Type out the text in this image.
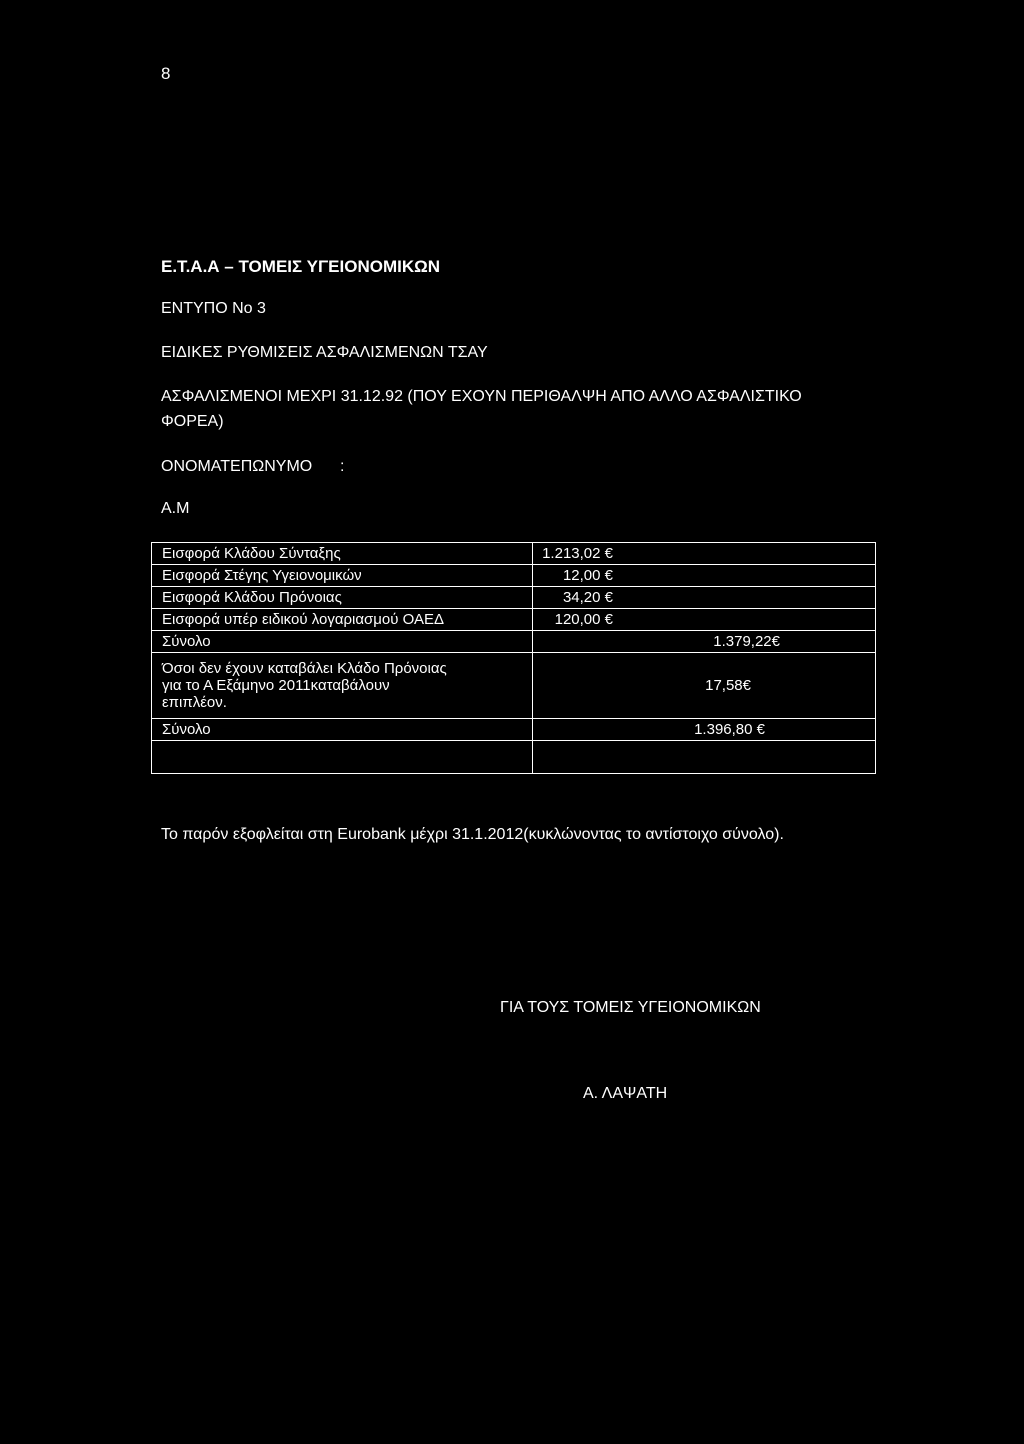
8
Ε.Τ.Α.Α – ΤΟΜΕΙΣ ΥΓΕΙΟΝΟΜΙΚΩΝ
ΕΝΤΥΠΟ Νο 3
ΕΙΔΙΚΕΣ ΡΥΘΜΙΣΕΙΣ ΑΣΦΑΛΙΣΜΕΝΩΝ ΤΣΑΥ
ΑΣΦΑΛΙΣΜΕΝΟΙ ΜΕΧΡΙ 31.12.92 (ΠΟΥ ΕΧΟΥΝ ΠΕΡΙΘΑΛΨΗ ΑΠΟ ΑΛΛΟ ΑΣΦΑΛΙΣΤΙΚΟ
ΦΟΡΕΑ)
ΟΝΟΜΑΤΕΠΩΝΥΜΟ :
Α.Μ
Εισφορά Κλάδου Σύνταξης	1.213,02 €
Εισφορά Στέγης Υγειονομικών	12,00 €
Εισφορά Κλάδου Πρόνοιας	34,20 €
Εισφορά υπέρ ειδικού λογαριασμού ΟΑΕΔ	120,00 €
Σύνολο	1.379,22€

Όσοι δεν έχουν καταβάλει Κλάδο Πρόνοιας
για το Α Εξάμηνο 2011καταβάλουν
επιπλέον.	17,58€
Σύνολο	1.396,80 €

Το παρόν εξοφλείται στη Eurobank μέχρι 31.1.2012(κυκλώνοντας το αντίστοιχο σύνολο).
ΓΙΑ ΤΟΥΣ ΤΟΜΕΙΣ ΥΓΕΙΟΝΟΜΙΚΩΝ
Α. ΛΑΨΑΤΗ
